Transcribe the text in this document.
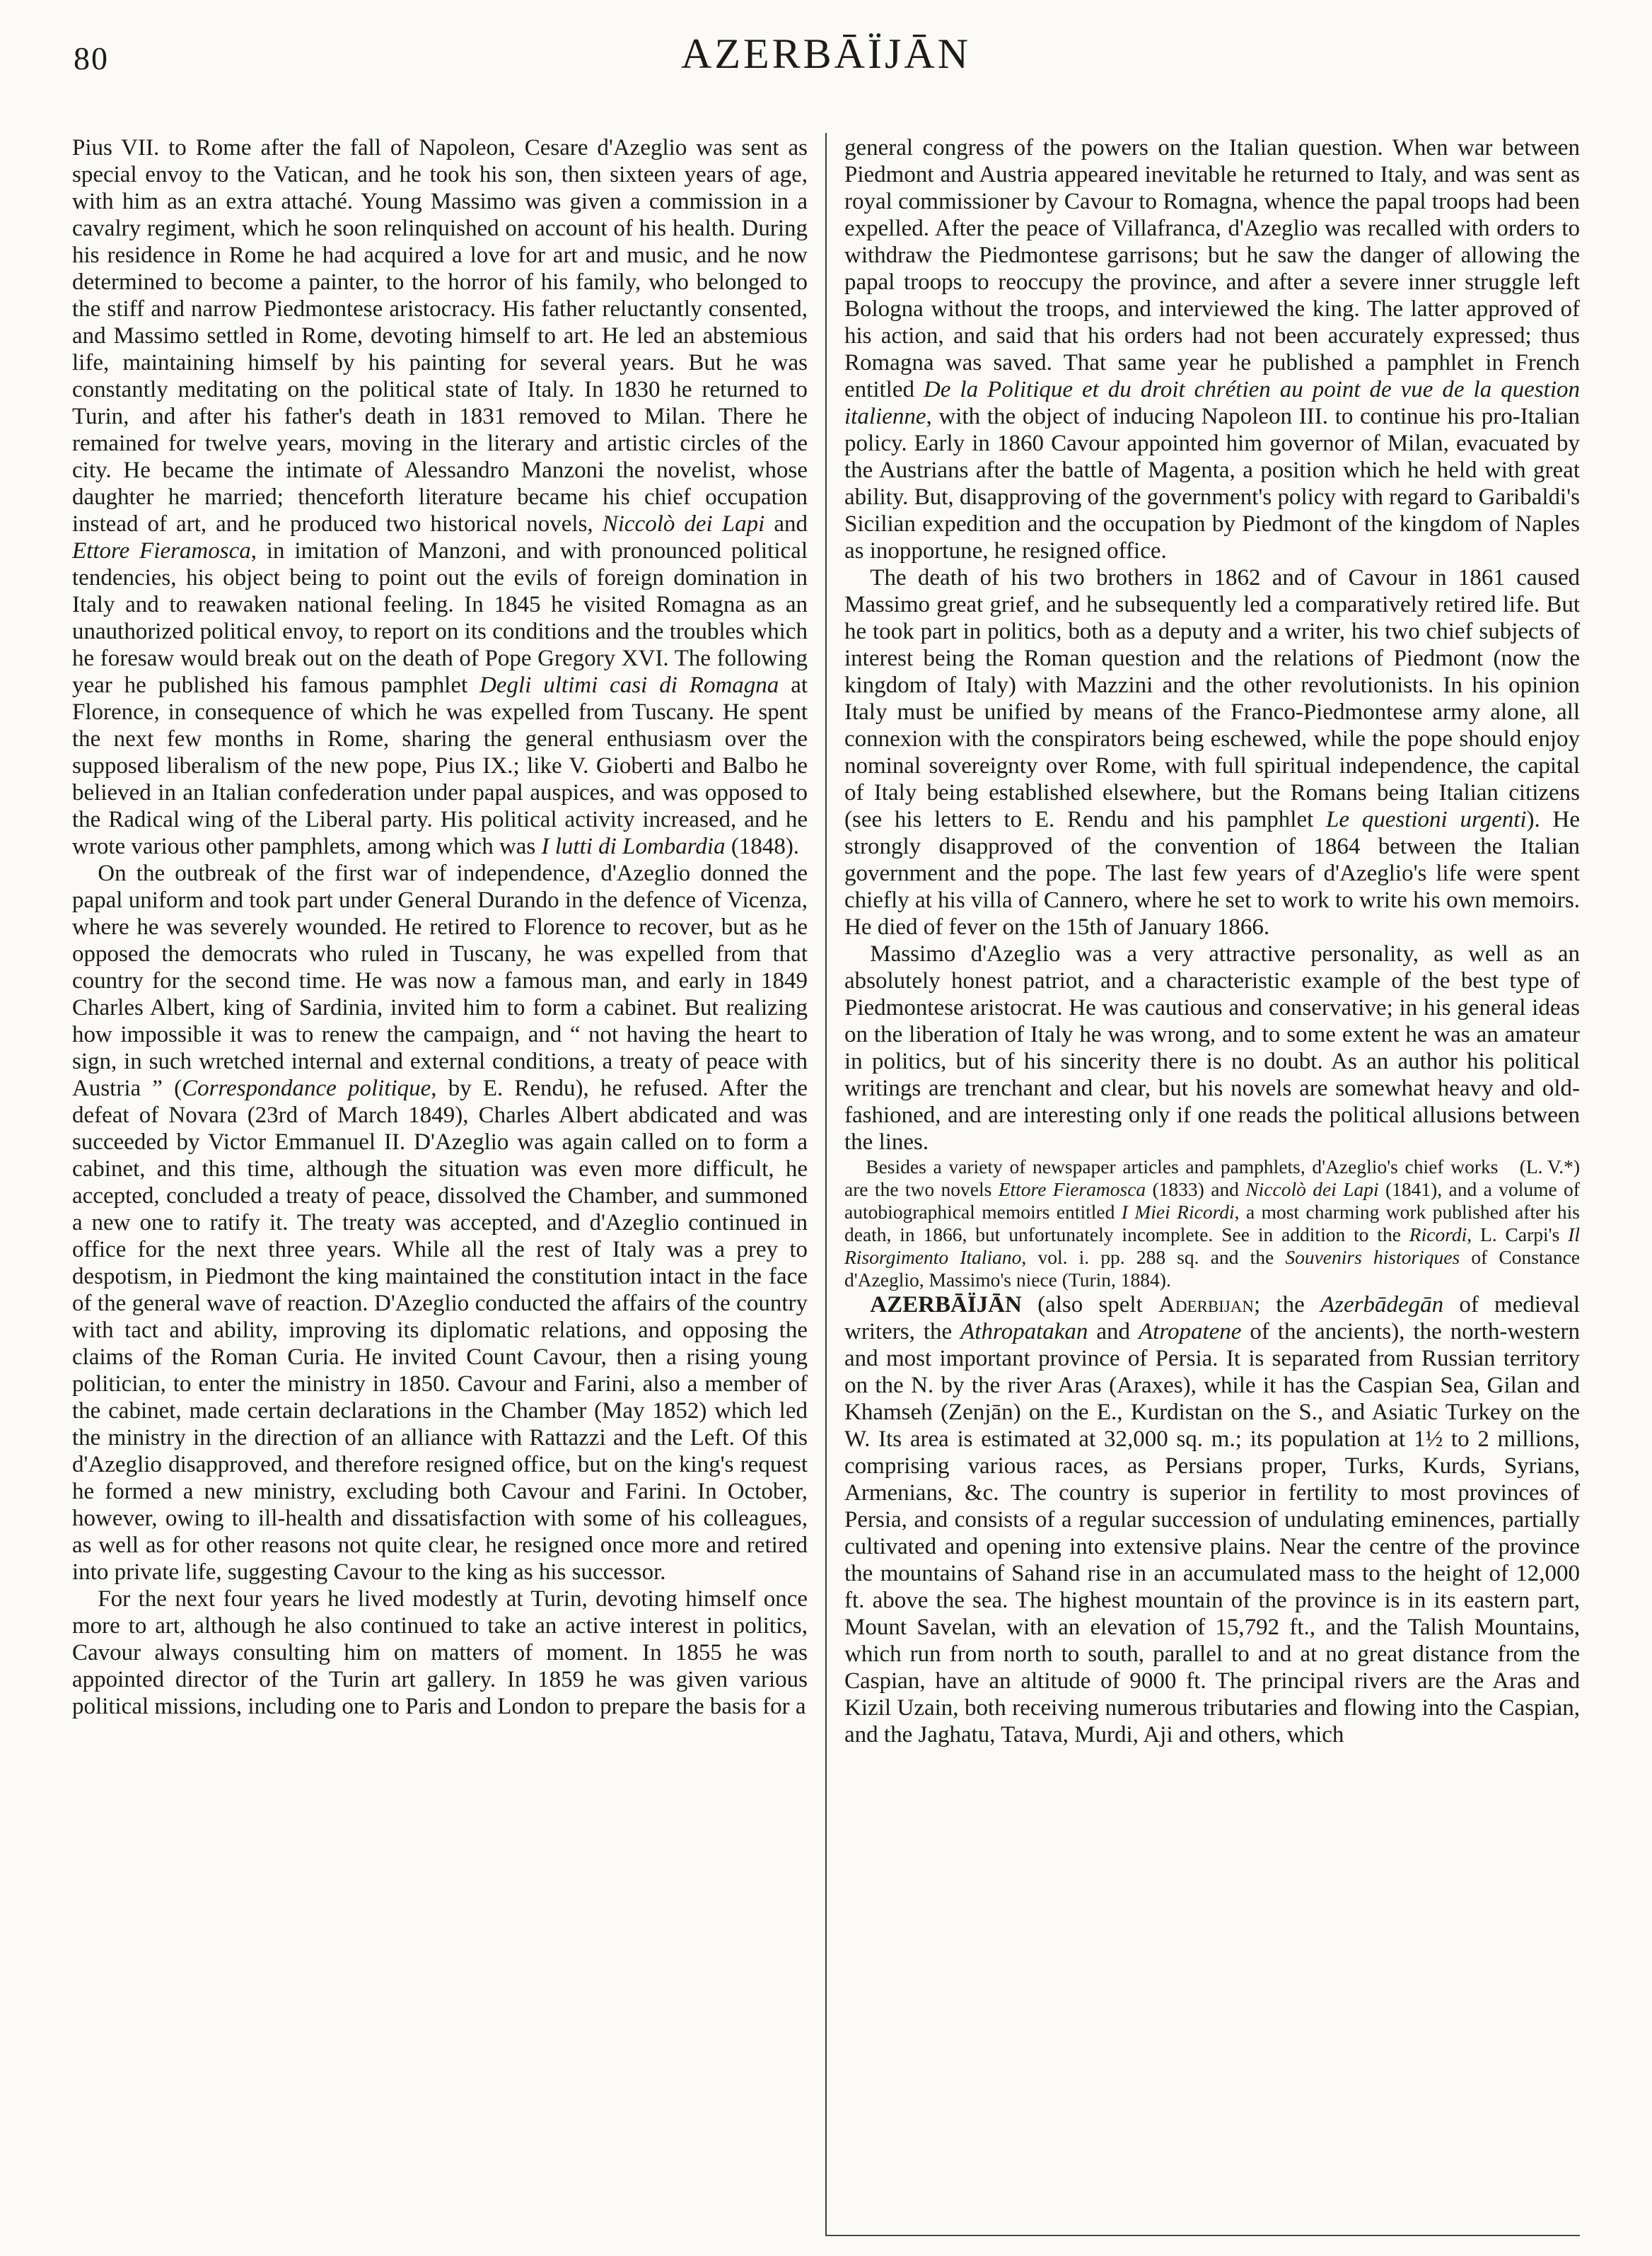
80	AZERBĀÏJĀN

Pius VII. to Rome after the fall of Napoleon, Cesare d'Azeglio was sent as special envoy to the Vatican, and he took his son, then sixteen years of age, with him as an extra attaché. Young Massimo was given a commission in a cavalry regiment, which he soon relinquished on account of his health. During his residence in Rome he had acquired a love for art and music, and he now determined to become a painter, to the horror of his family, who belonged to the stiff and narrow Piedmontese aristocracy. His father reluctantly consented, and Massimo settled in Rome, devoting himself to art. He led an abstemious life, maintaining himself by his painting for several years. But he was constantly meditating on the political state of Italy. In 1830 he returned to Turin, and after his father's death in 1831 removed to Milan. There he remained for twelve years, moving in the literary and artistic circles of the city. He became the intimate of Alessandro Manzoni the novelist, whose daughter he married; thenceforth literature became his chief occupation instead of art, and he produced two historical novels, Niccolò dei Lapi and Ettore Fieramosca, in imitation of Manzoni, and with pronounced political tendencies, his object being to point out the evils of foreign domination in Italy and to reawaken national feeling. In 1845 he visited Romagna as an unauthorized political envoy, to report on its conditions and the troubles which he foresaw would break out on the death of Pope Gregory XVI. The following year he published his famous pamphlet Degli ultimi casi di Romagna at Florence, in consequence of which he was expelled from Tuscany. He spent the next few months in Rome, sharing the general enthusiasm over the supposed liberalism of the new pope, Pius IX.; like V. Gioberti and Balbo he believed in an Italian confederation under papal auspices, and was opposed to the Radical wing of the Liberal party. His political activity increased, and he wrote various other pamphlets, among which was I lutti di Lombardia (1848).

On the outbreak of the first war of independence, d'Azeglio donned the papal uniform and took part under General Durando in the defence of Vicenza, where he was severely wounded. He retired to Florence to recover, but as he opposed the democrats who ruled in Tuscany, he was expelled from that country for the second time. He was now a famous man, and early in 1849 Charles Albert, king of Sardinia, invited him to form a cabinet. But realizing how impossible it was to renew the campaign, and “ not having the heart to sign, in such wretched internal and external conditions, a treaty of peace with Austria ” (Correspondance politique, by E. Rendu), he refused. After the defeat of Novara (23rd of March 1849), Charles Albert abdicated and was succeeded by Victor Emmanuel II. D'Azeglio was again called on to form a cabinet, and this time, although the situation was even more difficult, he accepted, concluded a treaty of peace, dissolved the Chamber, and summoned a new one to ratify it. The treaty was accepted, and d'Azeglio continued in office for the next three years. While all the rest of Italy was a prey to despotism, in Piedmont the king maintained the constitution intact in the face of the general wave of reaction. D'Azeglio conducted the affairs of the country with tact and ability, improving its diplomatic relations, and opposing the claims of the Roman Curia. He invited Count Cavour, then a rising young politician, to enter the ministry in 1850. Cavour and Farini, also a member of the cabinet, made certain declarations in the Chamber (May 1852) which led the ministry in the direction of an alliance with Rattazzi and the Left. Of this d'Azeglio disapproved, and therefore resigned office, but on the king's request he formed a new ministry, excluding both Cavour and Farini. In October, however, owing to ill-health and dissatisfaction with some of his colleagues, as well as for other reasons not quite clear, he resigned once more and retired into private life, suggesting Cavour to the king as his successor.

For the next four years he lived modestly at Turin, devoting himself once more to art, although he also continued to take an active interest in politics, Cavour always consulting him on matters of moment. In 1855 he was appointed director of the Turin art gallery. In 1859 he was given various political missions, including one to Paris and London to prepare the basis for a

general congress of the powers on the Italian question. When war between Piedmont and Austria appeared inevitable he returned to Italy, and was sent as royal commissioner by Cavour to Romagna, whence the papal troops had been expelled. After the peace of Villafranca, d'Azeglio was recalled with orders to withdraw the Piedmontese garrisons; but he saw the danger of allowing the papal troops to reoccupy the province, and after a severe inner struggle left Bologna without the troops, and interviewed the king. The latter approved of his action, and said that his orders had not been accurately expressed; thus Romagna was saved. That same year he published a pamphlet in French entitled De la Politique et du droit chrétien au point de vue de la question italienne, with the object of inducing Napoleon III. to continue his pro-Italian policy. Early in 1860 Cavour appointed him governor of Milan, evacuated by the Austrians after the battle of Magenta, a position which he held with great ability. But, disapproving of the government's policy with regard to Garibaldi's Sicilian expedition and the occupation by Piedmont of the kingdom of Naples as inopportune, he resigned office.

The death of his two brothers in 1862 and of Cavour in 1861 caused Massimo great grief, and he subsequently led a comparatively retired life. But he took part in politics, both as a deputy and a writer, his two chief subjects of interest being the Roman question and the relations of Piedmont (now the kingdom of Italy) with Mazzini and the other revolutionists. In his opinion Italy must be unified by means of the Franco-Piedmontese army alone, all connexion with the conspirators being eschewed, while the pope should enjoy nominal sovereignty over Rome, with full spiritual independence, the capital of Italy being established elsewhere, but the Romans being Italian citizens (see his letters to E. Rendu and his pamphlet Le questioni urgenti). He strongly disapproved of the convention of 1864 between the Italian government and the pope. The last few years of d'Azeglio's life were spent chiefly at his villa of Cannero, where he set to work to write his own memoirs. He died of fever on the 15th of January 1866.

Massimo d'Azeglio was a very attractive personality, as well as an absolutely honest patriot, and a characteristic example of the best type of Piedmontese aristocrat. He was cautious and conservative; in his general ideas on the liberation of Italy he was wrong, and to some extent he was an amateur in politics, but of his sincerity there is no doubt. As an author his political writings are trenchant and clear, but his novels are somewhat heavy and old-fashioned, and are interesting only if one reads the political allusions between the lines.

(L. V.*)
Besides a variety of newspaper articles and pamphlets, d'Azeglio's chief works are the two novels Ettore Fieramosca (1833) and Niccolò dei Lapi (1841), and a volume of autobiographical memoirs entitled I Miei Ricordi, a most charming work published after his death, in 1866, but unfortunately incomplete. See in addition to the Ricordi, L. Carpi's Il Risorgimento Italiano, vol. i. pp. 288 sq. and the Souvenirs historiques of Constance d'Azeglio, Massimo's niece (Turin, 1884).

AZERBĀÏJĀN (also spelt Aderbijan; the Azerbādegān of medieval writers, the Athropatakan and Atropatene of the ancients), the north-western and most important province of Persia. It is separated from Russian territory on the N. by the river Aras (Araxes), while it has the Caspian Sea, Gilan and Khamseh (Zenjān) on the E., Kurdistan on the S., and Asiatic Turkey on the W. Its area is estimated at 32,000 sq. m.; its population at 1½ to 2 millions, comprising various races, as Persians proper, Turks, Kurds, Syrians, Armenians, &c. The country is superior in fertility to most provinces of Persia, and consists of a regular succession of undulating eminences, partially cultivated and opening into extensive plains. Near the centre of the province the mountains of Sahand rise in an accumulated mass to the height of 12,000 ft. above the sea. The highest mountain of the province is in its eastern part, Mount Savelan, with an elevation of 15,792 ft., and the Talish Mountains, which run from north to south, parallel to and at no great distance from the Caspian, have an altitude of 9000 ft. The principal rivers are the Aras and Kizil Uzain, both receiving numerous tributaries and flowing into the Caspian, and the Jaghatu, Tatava, Murdi, Aji and others, which
